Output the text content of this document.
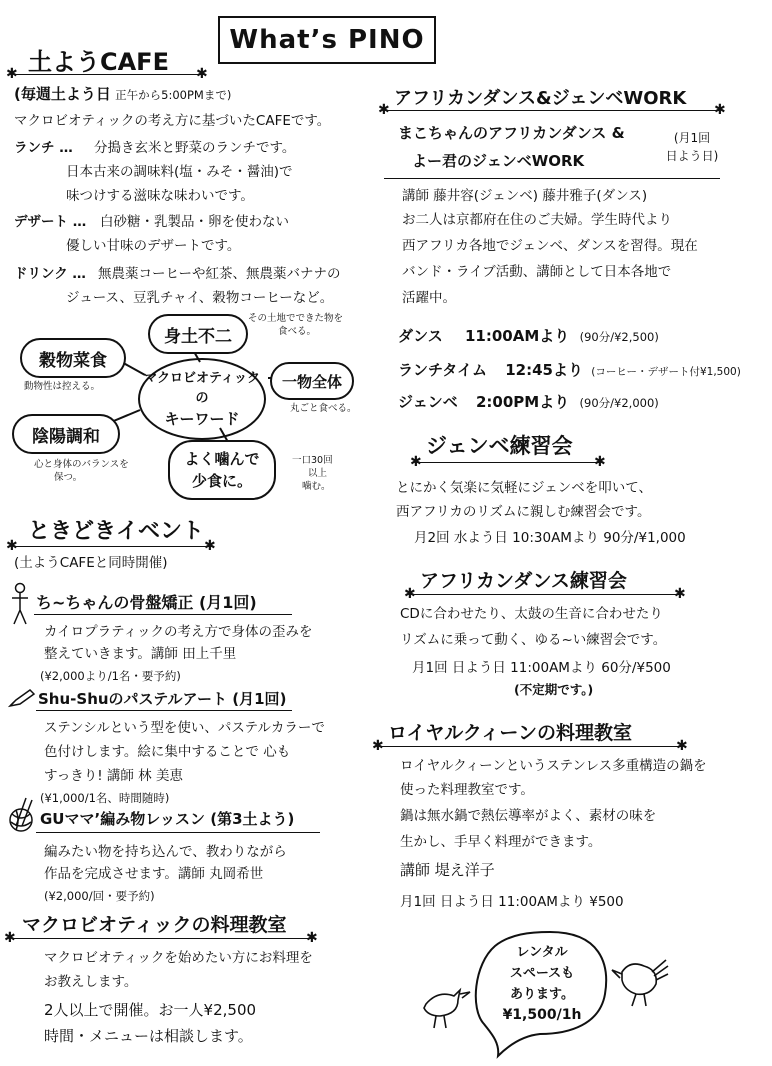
What’s PINO
土ようCAFE
✱	✱
(毎週土よう日 正午から5:00PMまで)
マクロビオティックの考え方に基づいたCAFEです。
ランチ … 分搗き玄米と野菜のランチです。
日本古来の調味料(塩・みそ・醤油)で
味つけする滋味な味わいです。
デザート … 白砂糖・乳製品・卵を使わない
優しい甘味のデザートです。
ドリンク … 無農薬コーヒーや紅茶、無農薬バナナの
ジュース、豆乳チャイ、穀物コーヒーなど。
マクロビオティックの
キーワード
身土不二
その土地でできた物を
食べる。
穀物菜食
動物性は控える。	一物全体
丸ごと食べる。
陰陽調和
心と身体のバランスを
保つ。
よく噛んで
少食に。
一口30回
以上
噛む。
ときどきイベント
✱	✱
(土ようCAFEと同時開催)
ち~ちゃんの骨盤矯正 (月1回)
カイロプラティックの考え方で身体の歪みを
整えていきます。講師 田上千里
(¥2,000より/1名・要予約)
Shu-Shuのパステルアート (月1回)
ステンシルという型を使い、パステルカラーで
色付けします。絵に集中することで 心も
すっきり! 講師 林 美恵
(¥1,000/1名、時間随時)
GUママ’編み物レッスン (第3土よう)
編みたい物を持ち込んで、教わりながら
作品を完成させます。講師 丸岡希世
(¥2,000/回・要予約)
マクロビオティックの料理教室
✱	✱
マクロビオティックを始めたい方にお料理を
お教えします。
2人以上で開催。お一人¥2,500
時間・メニューは相談します。
アフリカンダンス&ジェンベWORK
✱	✱
まこちゃんのアフリカンダンス &
よー君のジェンベWORK
(月1回
日よう日)
講師 藤井容(ジェンベ) 藤井雅子(ダンス)
お二人は京都府在住のご夫婦。学生時代より
西アフリカ各地でジェンベ、ダンスを習得。現在
バンド・ライブ活動、講師として日本各地で
活躍中。
ダンス 11:00AMより (90分/¥2,500)
ランチタイム 12:45より (コーヒー・デザート付¥1,500)
ジェンベ 2:00PMより (90分/¥2,000)
ジェンベ練習会
✱	✱
とにかく気楽に気軽にジェンベを叩いて、
西アフリカのリズムに親しむ練習会です。
月2回 水よう日 10:30AMより 90分/¥1,000
アフリカンダンス練習会
✱	✱
CDに合わせたり、太鼓の生音に合わせたり
リズムに乗って動く、ゆる~い練習会です。
月1回 日よう日 11:00AMより 60分/¥500
(不定期です。)
ロイヤルクィーンの料理教室
✱	✱
ロイヤルクィーンというステンレス多重構造の鍋を
使った料理教室です。
鍋は無水鍋で熱伝導率がよく、素材の味を
生かし、手早く料理ができます。
講師 堤え洋子
月1回 日よう日 11:00AMより ¥500
レンタル
スペースも
あります。
¥1,500/1h
